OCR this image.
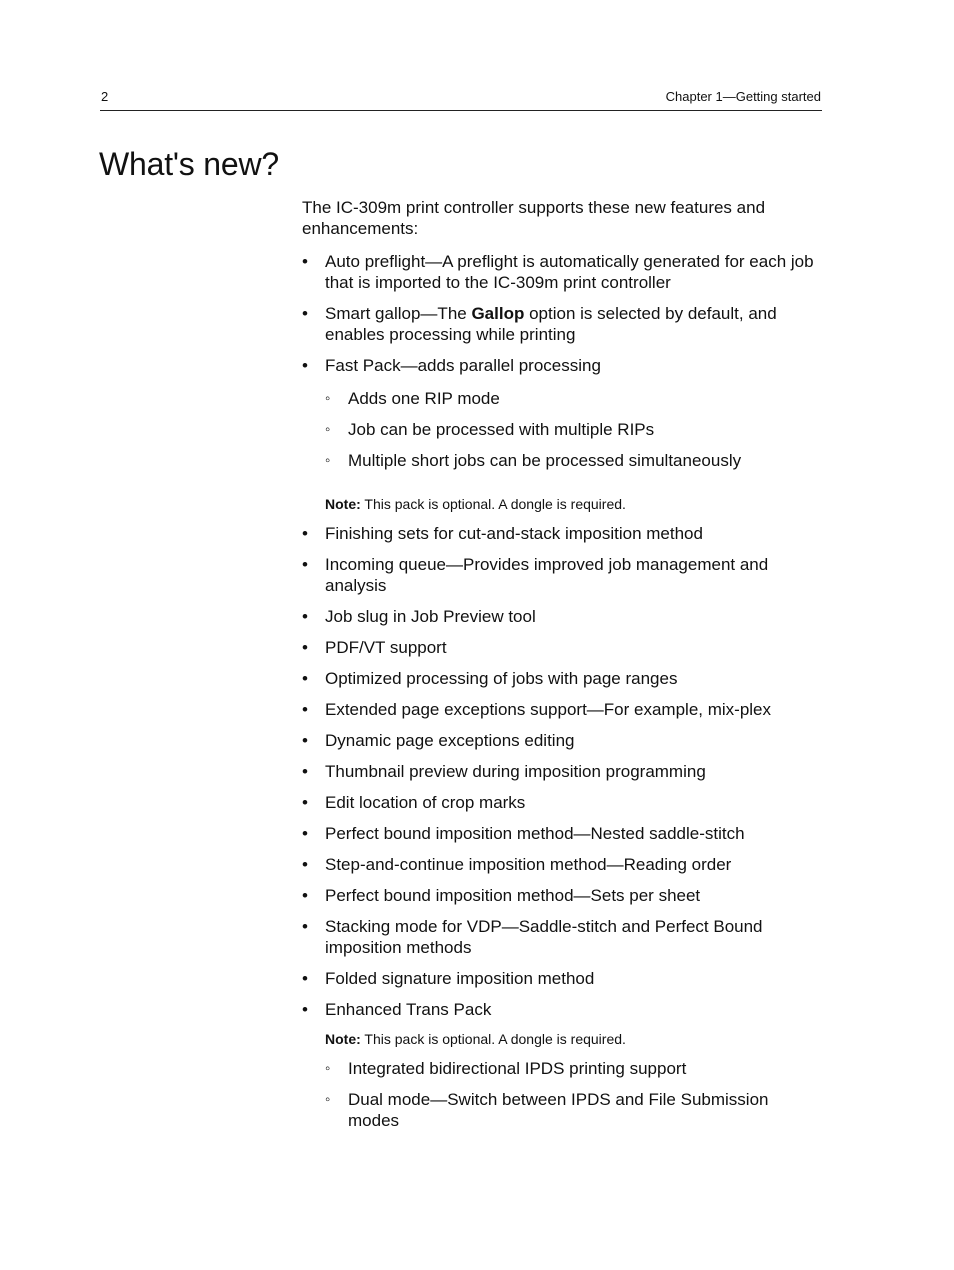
2	Chapter 1—Getting started
What's new?

The IC-309m print controller supports these new features and enhancements:

• Auto preflight—A preflight is automatically generated for each job that is imported to the IC-309m print controller
• Smart gallop—The Gallop option is selected by default, and enables processing while printing
• Fast Pack—adds parallel processing
◦ Adds one RIP mode
◦ Job can be processed with multiple RIPs
◦ Multiple short jobs can be processed simultaneously
Note: This pack is optional. A dongle is required.
• Finishing sets for cut-and-stack imposition method
• Incoming queue—Provides improved job management and analysis
• Job slug in Job Preview tool
• PDF/VT support
• Optimized processing of jobs with page ranges
• Extended page exceptions support—For example, mix-plex
• Dynamic page exceptions editing
• Thumbnail preview during imposition programming
• Edit location of crop marks
• Perfect bound imposition method—Nested saddle-stitch
• Step-and-continue imposition method—Reading order
• Perfect bound imposition method—Sets per sheet
• Stacking mode for VDP—Saddle-stitch and Perfect Bound imposition methods
• Folded signature imposition method
• Enhanced Trans Pack
Note: This pack is optional. A dongle is required.
◦ Integrated bidirectional IPDS printing support
◦ Dual mode—Switch between IPDS and File Submission modes
